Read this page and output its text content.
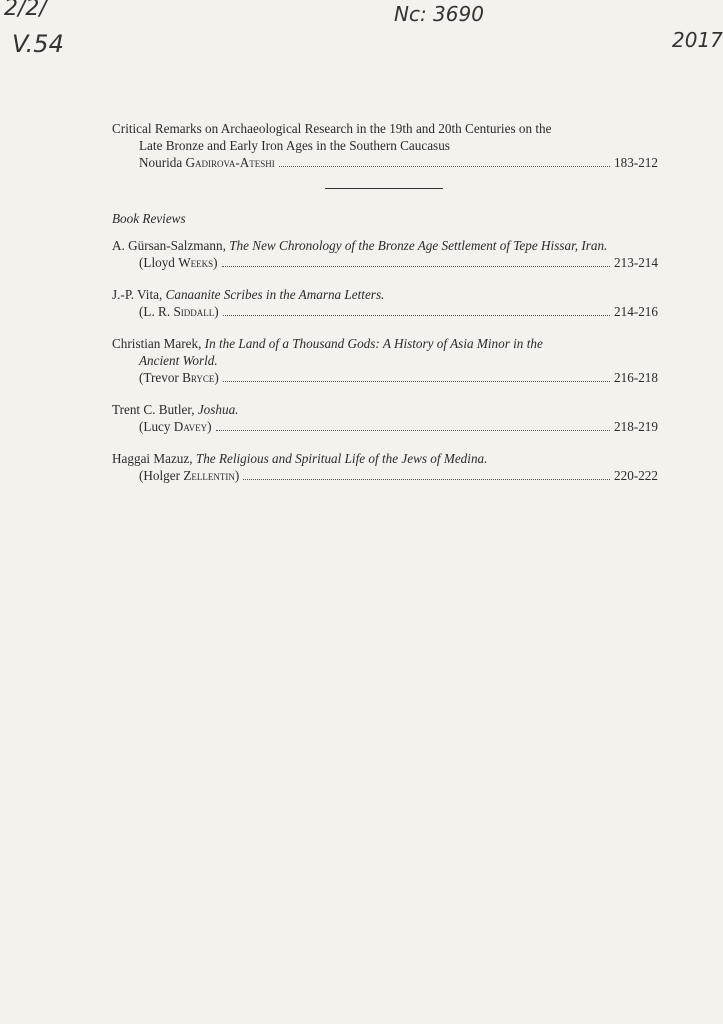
2/2/
V.54
Nc: 3690
2017
Critical Remarks on Archaeological Research in the 19th and 20th Centuries on the
Late Bronze and Early Iron Ages in the Southern Caucasus
Nourida Gadirova-Ateshi	183-212
Book Reviews
A. Gürsan-Salzmann, The New Chronology of the Bronze Age Settlement of Tepe Hissar, Iran.
(Lloyd Weeks)	213-214
J.-P. Vita, Canaanite Scribes in the Amarna Letters.
(L. R. Siddall)	214-216
Christian Marek, In the Land of a Thousand Gods: A History of Asia Minor in the
Ancient World.
(Trevor Bryce)	216-218
Trent C. Butler, Joshua.
(Lucy Davey)	218-219
Haggai Mazuz, The Religious and Spiritual Life of the Jews of Medina.
(Holger Zellentin)	220-222
